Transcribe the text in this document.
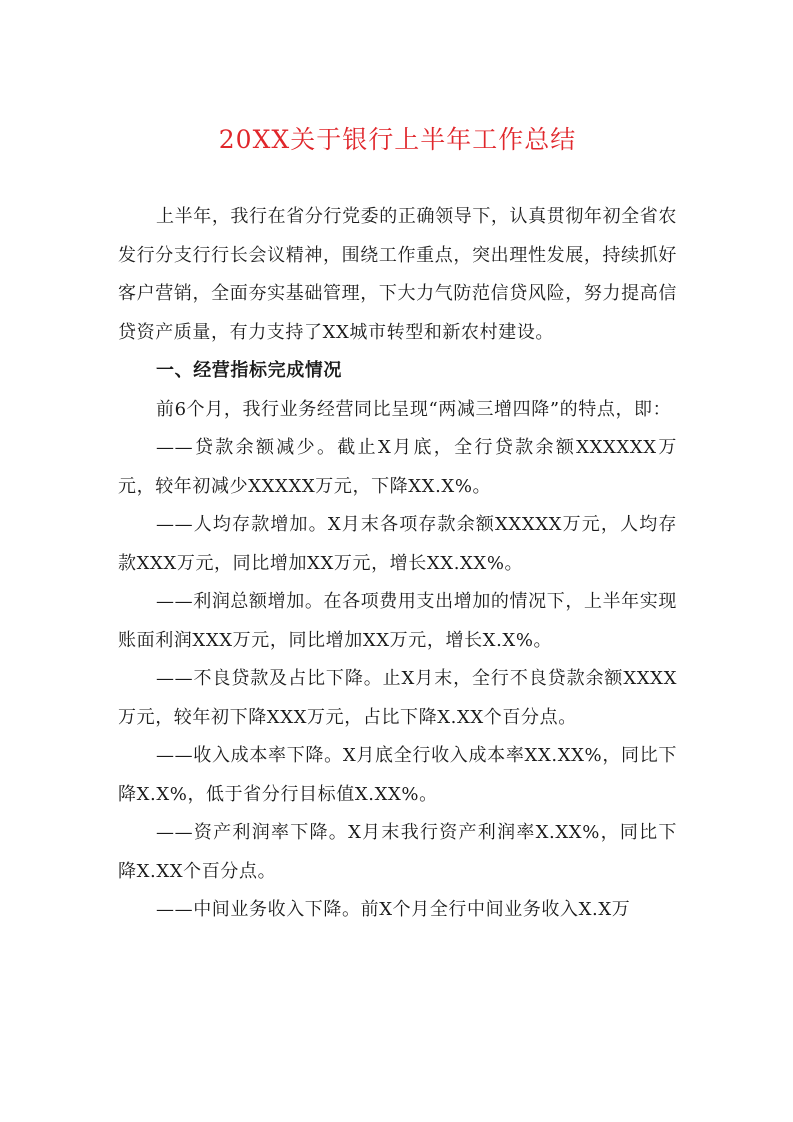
20XX关于银行上半年工作总结

上半年，我行在省分行党委的正确领导下，认真贯彻年初全省农发行分支行行长会议精神，围绕工作重点，突出理性发展，持续抓好客户营销，全面夯实基础管理，下大力气防范信贷风险，努力提高信贷资产质量，有力支持了XX城市转型和新农村建设。

一、经营指标完成情况

前6个月，我行业务经营同比呈现“两减三增四降”的特点，即：

——贷款余额减少。截止X月底，全行贷款余额XXXXXX万元，较年初减少XXXXX万元，下降XX.X%。

——人均存款增加。X月末各项存款余额XXXXX万元，人均存款XXX万元，同比增加XX万元，增长XX.XX%。

——利润总额增加。在各项费用支出增加的情况下，上半年实现账面利润XXX万元，同比增加XX万元，增长X.X%。

——不良贷款及占比下降。止X月末，全行不良贷款余额XXXX万元，较年初下降XXX万元，占比下降X.XX个百分点。

——收入成本率下降。X月底全行收入成本率XX.XX%，同比下降X.X%，低于省分行目标值X.XX%。

——资产利润率下降。X月末我行资产利润率X.XX%，同比下降X.XX个百分点。

——中间业务收入下降。前X个月全行中间业务收入X.X万
